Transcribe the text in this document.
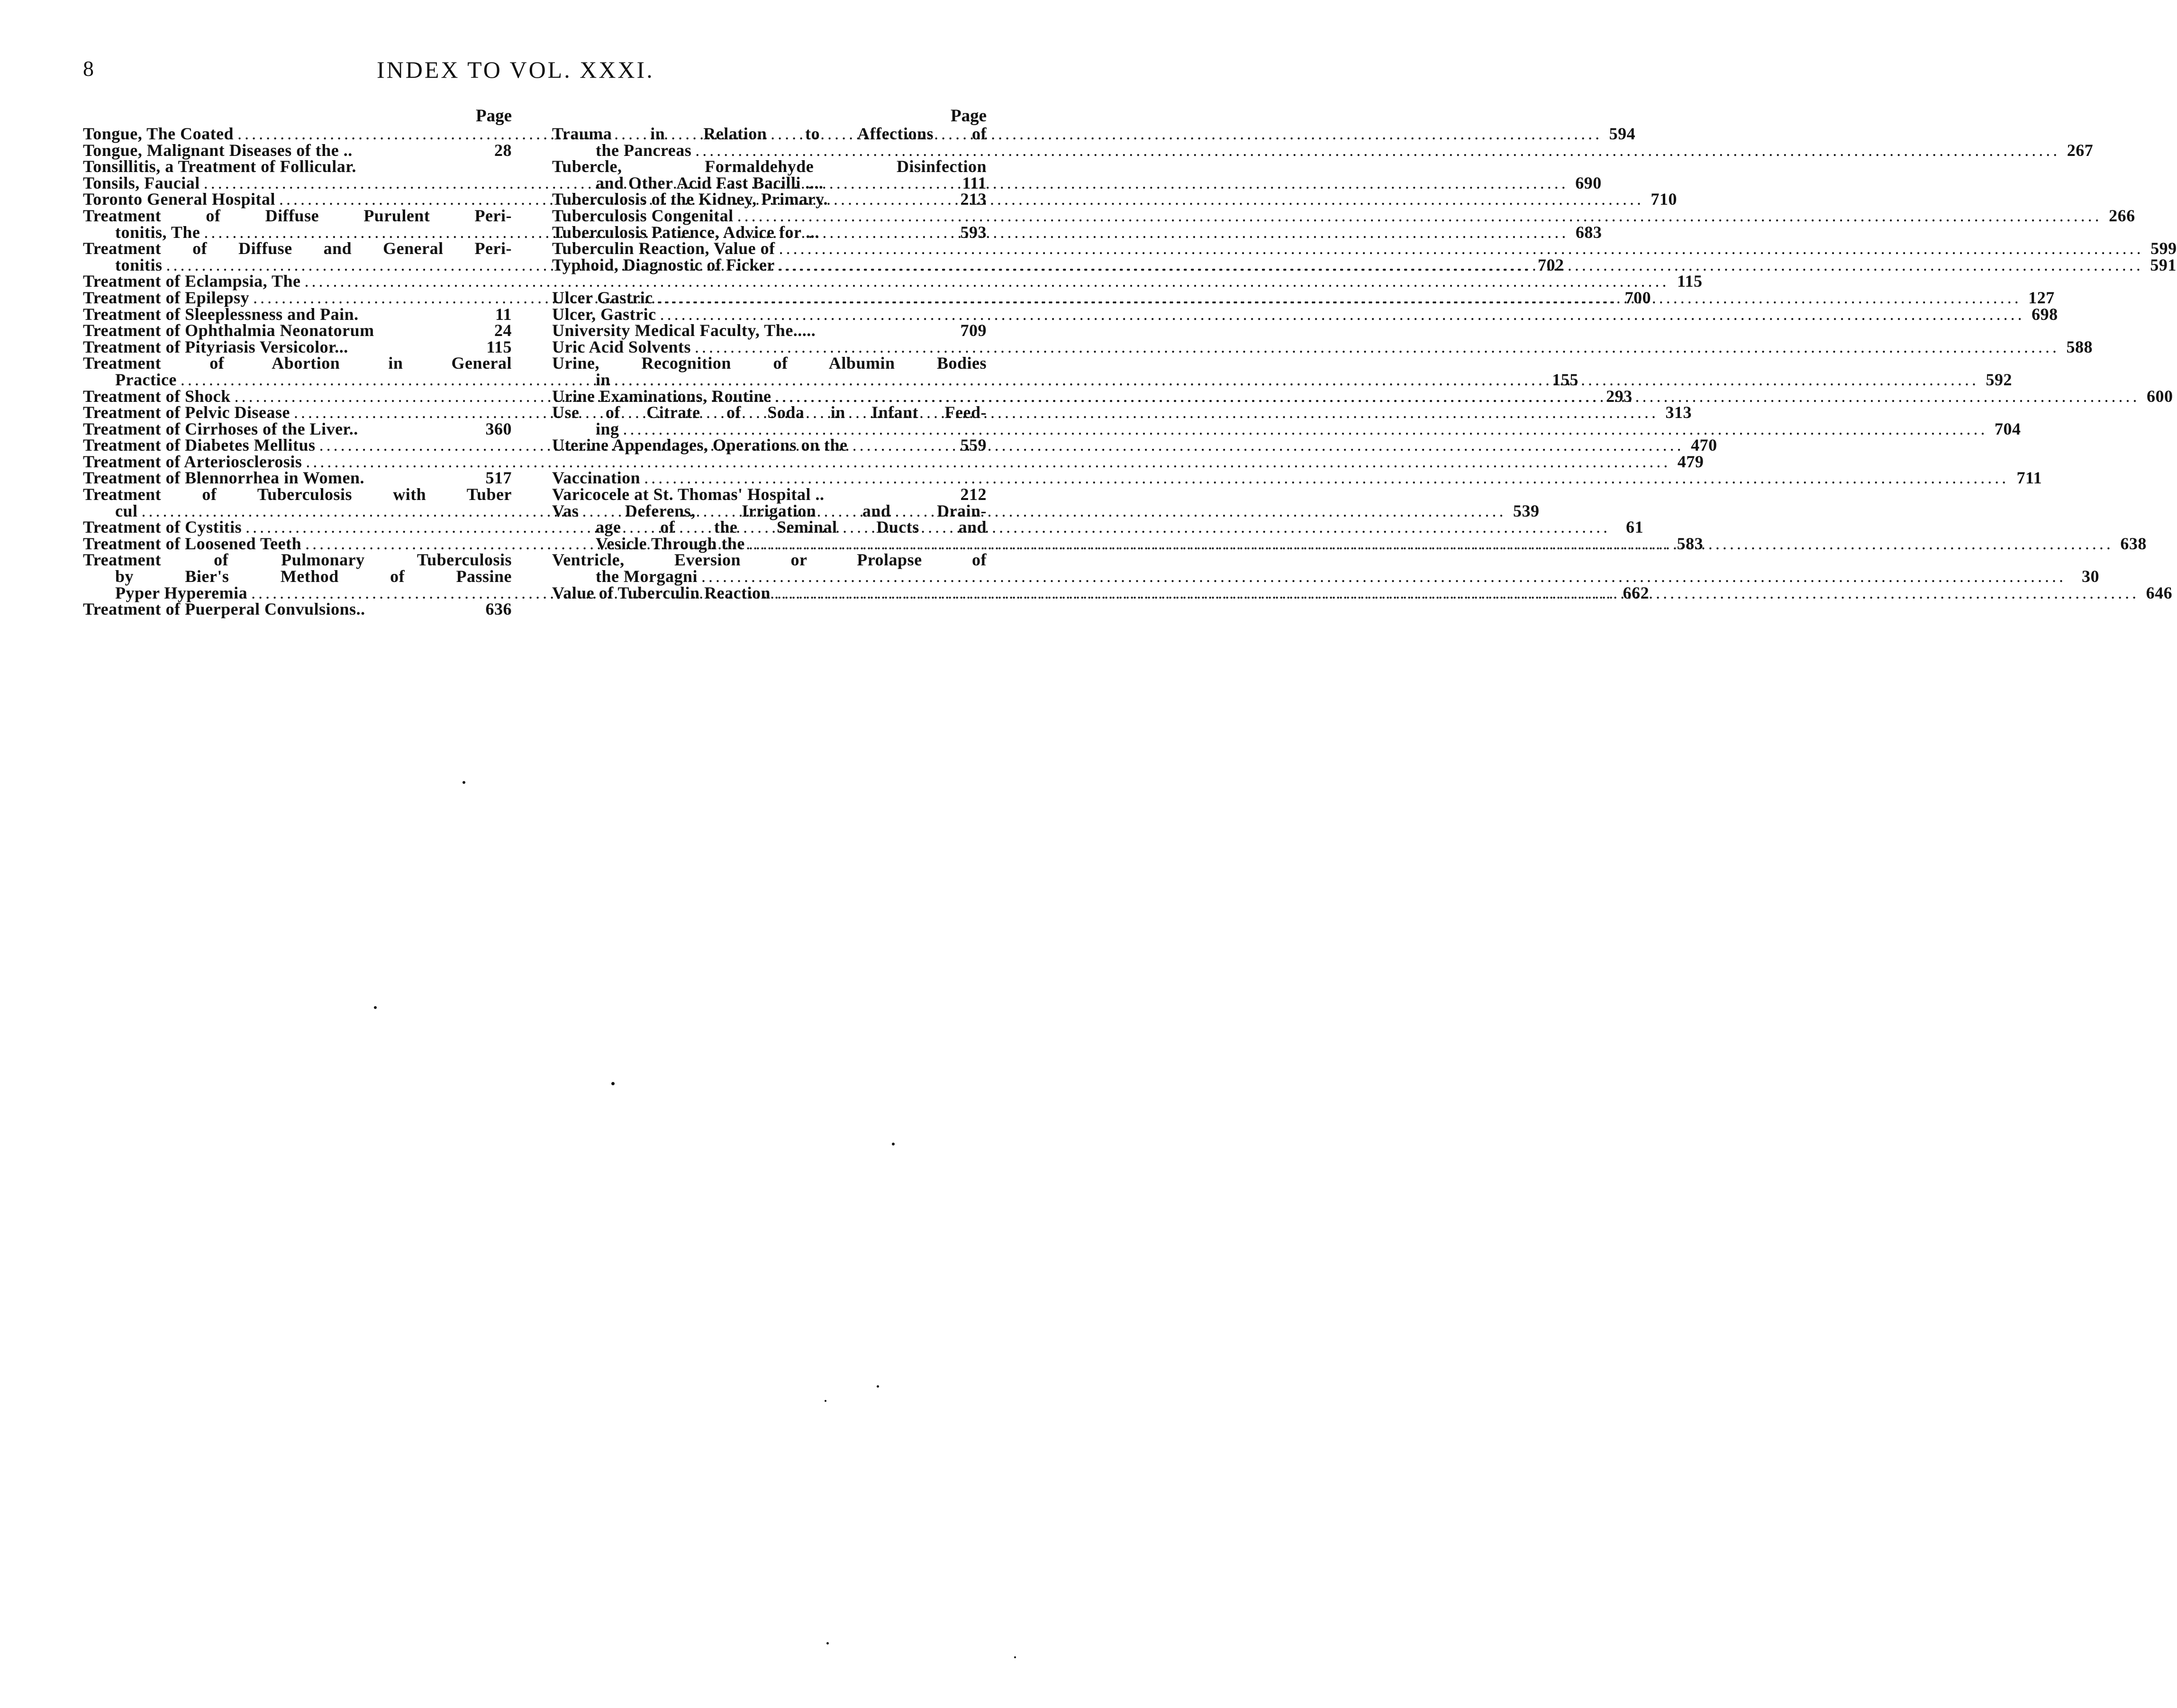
8	INDEX TO VOL. XXXI.
Page
Tongue, The Coated .....	594
Tongue, Malignant Diseases of the ..	28
Tonsillitis, a Treatment of Follicular.
Tonsils, Faucial .....	690
Toronto General Hospital .....	710
Treatment of Diffuse Purulent Peri-
tonitis, The .....	683
Treatment of Diffuse and General Peri-
tonitis .....	702
Treatment of Eclampsia, The .....	115
Treatment of Epilepsy .....	700
Treatment of Sleeplessness and Pain.	11
Treatment of Ophthalmia Neonatorum	24
Treatment of Pityriasis Versicolor...	115
Treatment of Abortion in General
Practice .....	155
Treatment of Shock .....	293
Treatment of Pelvic Disease .....	313
Treatment of Cirrhoses of the Liver..	360
Treatment of Diabetes Mellitus .....	470
Treatment of Arteriosclerosis .....	479
Treatment of Blennorrhea in Women.	517
Treatment of Tuberculosis with Tuber
cul .....	539
Treatment of Cystitis .....	61
Treatment of Loosened Teeth .....	583
Treatment of Pulmonary Tuberculosis
by Bier's Method of Passine
Pyper Hyperemia .....	662
Treatment of Puerperal Convulsions..	636
Page
Trauma in Relation to Affections of
the Pancreas .....	267
Tubercle, Formaldehyde Disinfection
and Other Acid Fast Bacilli ....	111
Tuberculosis of the Kidney, Primary.	213
Tuberculosis Congenital .....	266
Tuberculosis Patience, Advice for ...	593
Tuberculin Reaction, Value of .....	599
Typhoid, Diagnostic of Ficker .....	591
Ulcer Gastric .....	127
Ulcer, Gastric .....	698
University Medical Faculty, The.....	709
Uric Acid Solvents .....	588
Urine, Recognition of Albumin Bodies
in .....	592
Urine Examinations, Routine .....	600
Use of Citrate of Soda in Infant Feed-
ing .....	704
Uterine Appendages, Operations on the	559
Vaccination .....	711
Varicocele at St. Thomas' Hospital ..	212
Vas Deferens, Irrigation and Drain-
age of the Seminal Ducts and
Vesicle Through the .....	638
Ventricle, Eversion or Prolapse of
the Morgagni .....	30
Value of Tuberculin Reaction .....	646
